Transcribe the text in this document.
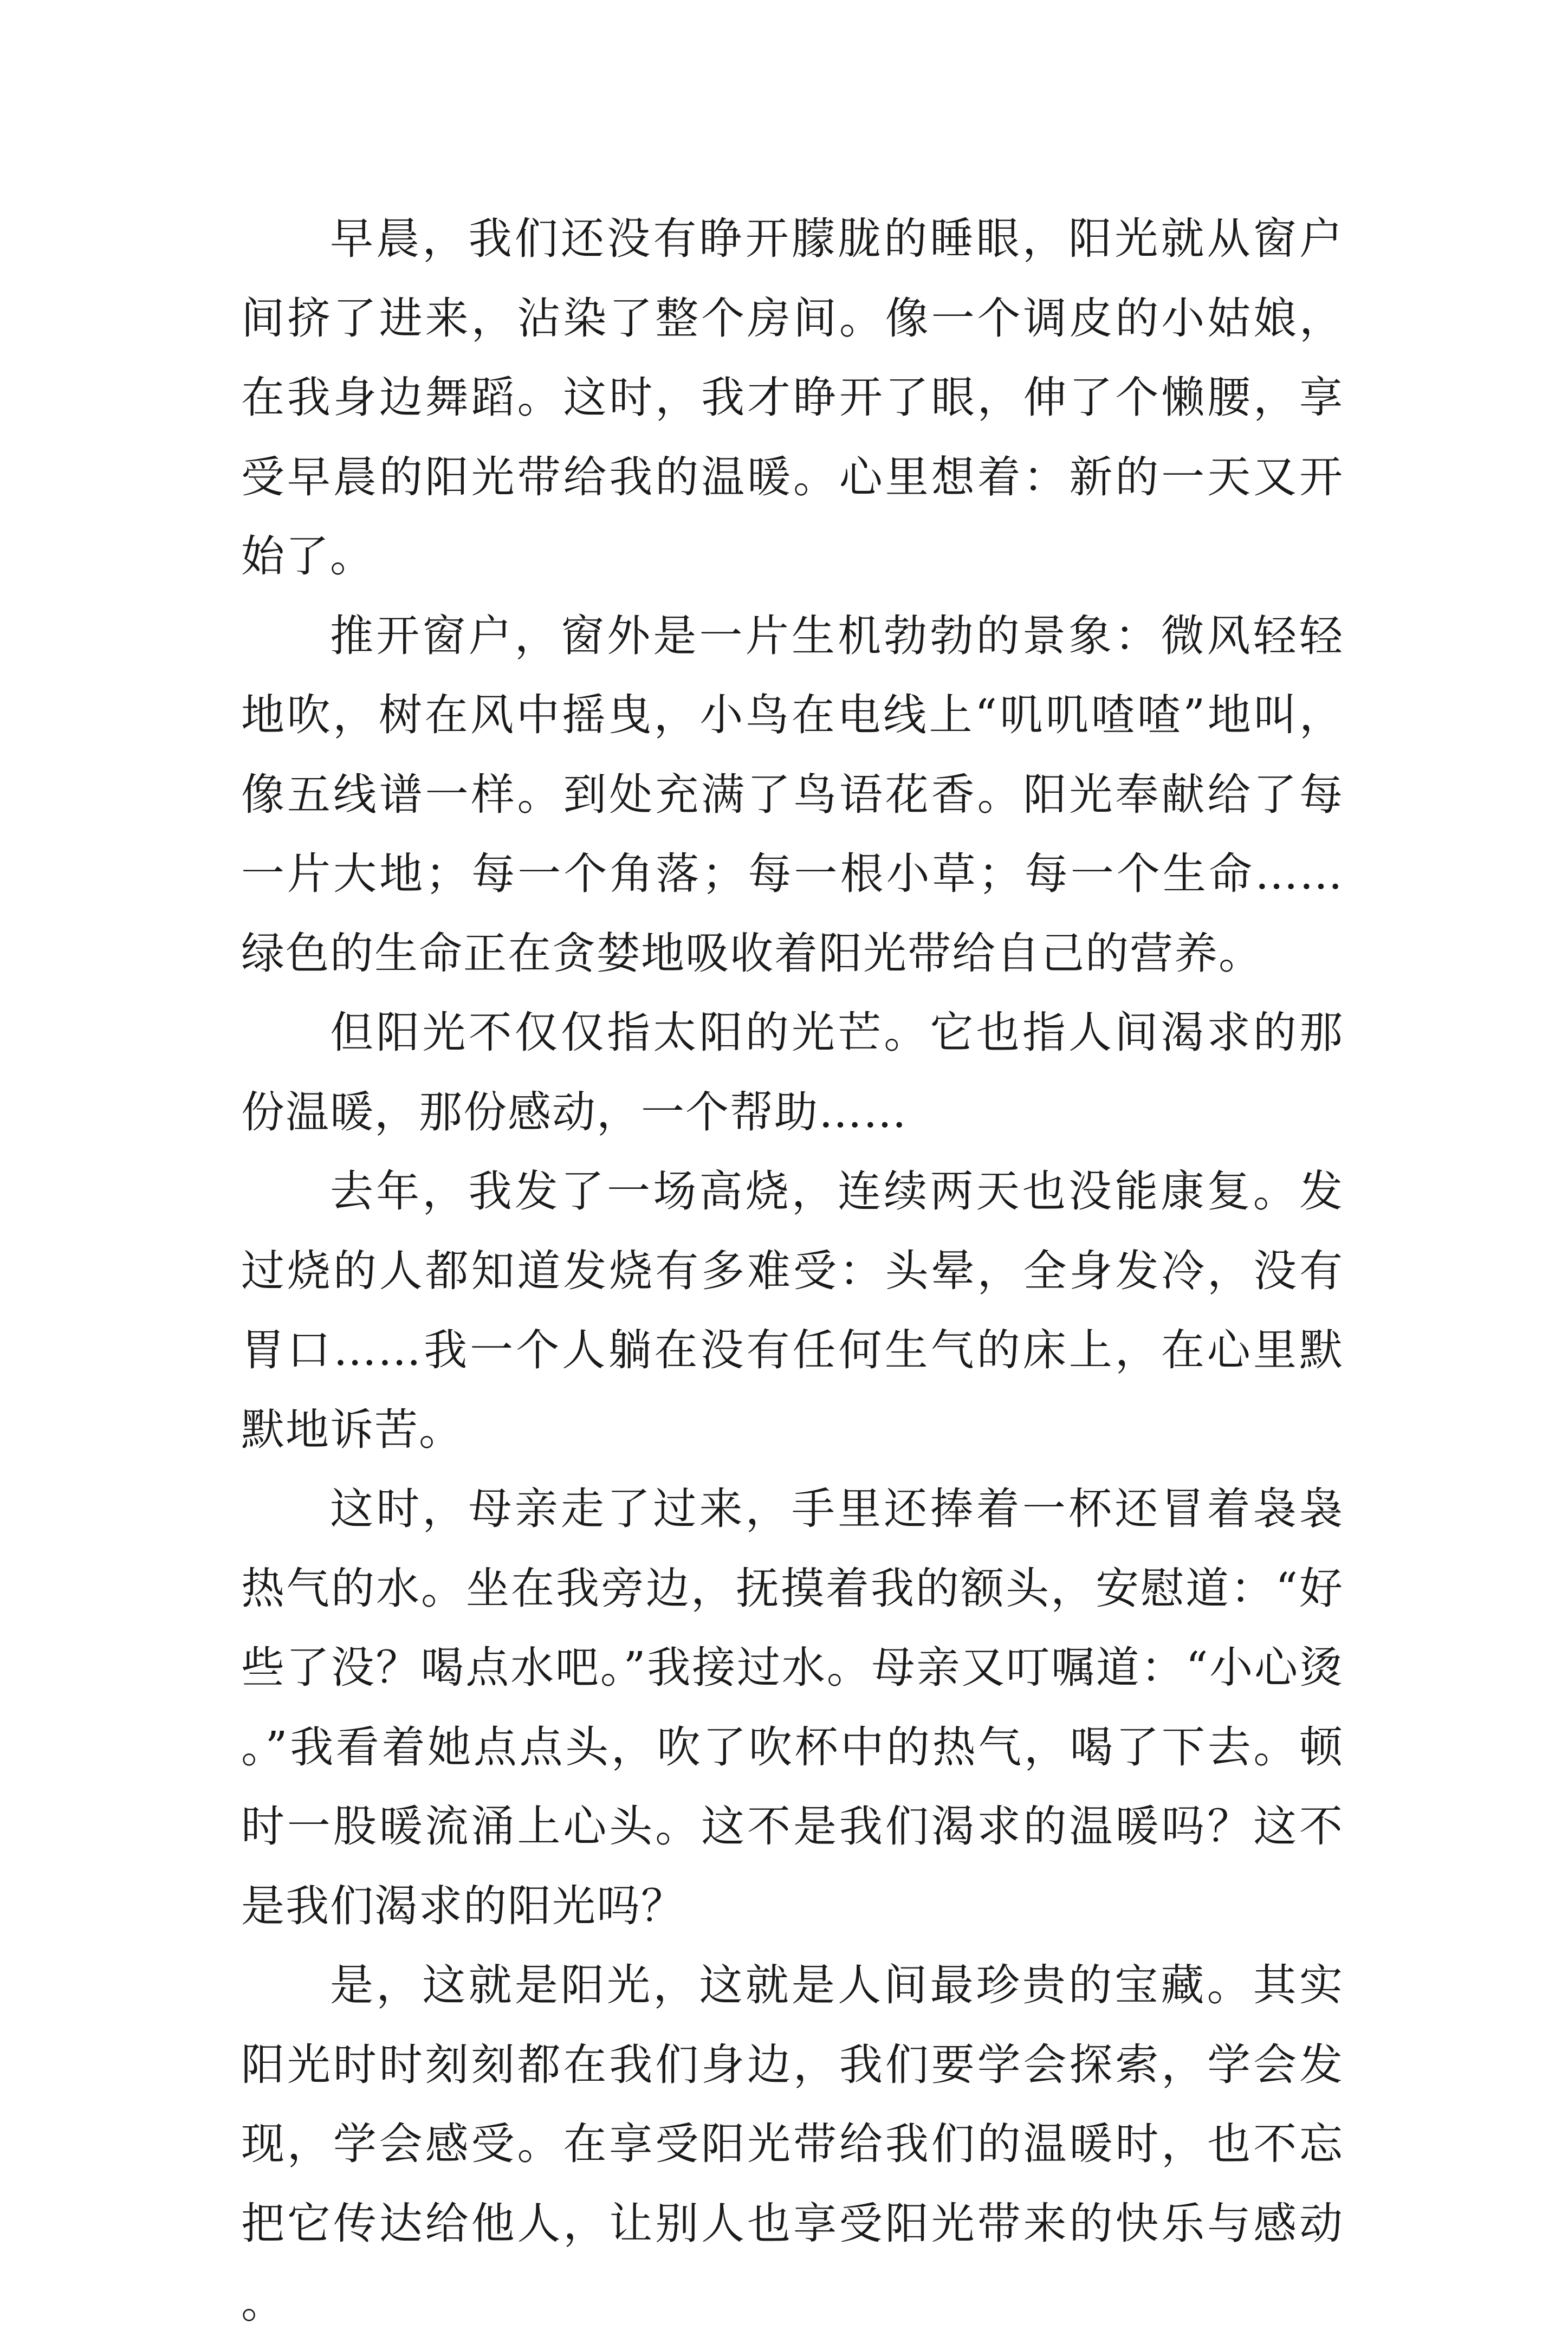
早晨，我们还没有睁开朦胧的睡眼，阳光就从窗户间挤了进来，沾染了整个房间。像一个调皮的小姑娘，在我身边舞蹈。这时，我才睁开了眼，伸了个懒腰，享受早晨的阳光带给我的温暖。心里想着：新的一天又开始了。

推开窗户，窗外是一片生机勃勃的景象：微风轻轻地吹，树在风中摇曳，小鸟在电线上“叽叽喳喳”地叫，像五线谱一样。到处充满了鸟语花香。阳光奉献给了每一片大地；每一个角落；每一根小草；每一个生命……绿色的生命正在贪婪地吸收着阳光带给自己的营养。

但阳光不仅仅指太阳的光芒。它也指人间渴求的那份温暖，那份感动，一个帮助……

去年，我发了一场高烧，连续两天也没能康复。发过烧的人都知道发烧有多难受：头晕，全身发冷，没有胃口……我一个人躺在没有任何生气的床上，在心里默默地诉苦。

这时，母亲走了过来，手里还捧着一杯还冒着袅袅热气的水。坐在我旁边，抚摸着我的额头，安慰道：“好些了没？喝点水吧。”我接过水。母亲又叮嘱道：“小心烫。”我看着她点点头，吹了吹杯中的热气，喝了下去。顿时一股暖流涌上心头。这不是我们渴求的温暖吗？这不是我们渴求的阳光吗？

是，这就是阳光，这就是人间最珍贵的宝藏。其实阳光时时刻刻都在我们身边，我们要学会探索，学会发现，学会感受。在享受阳光带给我们的温暖时，也不忘把它传达给他人，让别人也享受阳光带来的快乐与感动。
